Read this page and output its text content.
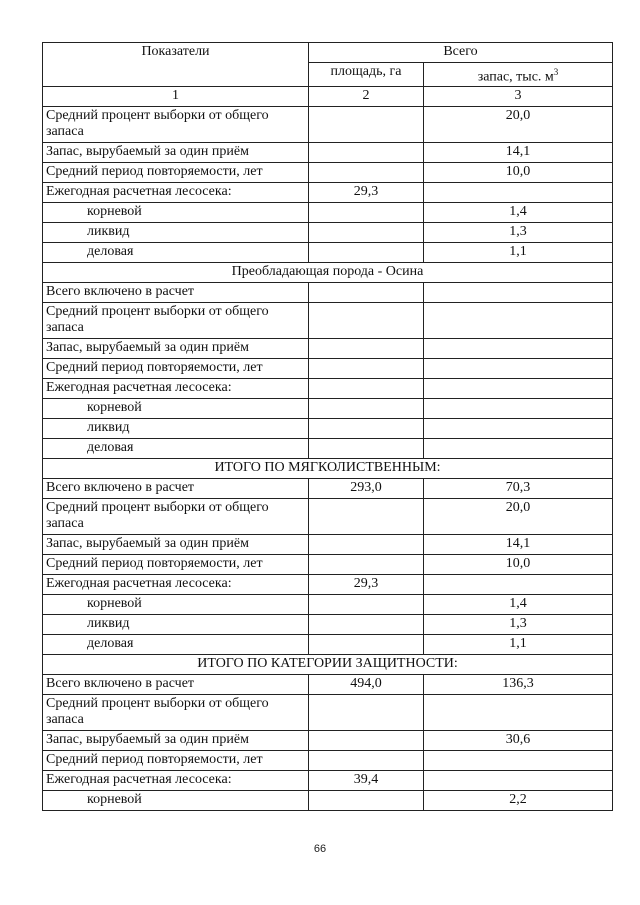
Показатели	Всего	
	площадь, га	запас, тыс. $м^3$
1	2	3
Средний процент выборки от общего запаса		20,0
Запас, вырубаемый за один приём		14,1
Средний период повторяемости, лет		10,0
Ежегодная расчетная лесосека:	29,3	
корневой		1,4
ликвид		1,3
деловая		1,1
Преобладающая порода - Осина		
Всего включено в расчет		
Средний процент выборки от общего запаса		
Запас, вырубаемый за один приём		
Средний период повторяемости, лет		
Ежегодная расчетная лесосека:		
корневой		
ликвид		
деловая		
ИТОГО ПО МЯГКОЛИСТВЕННЫМ:		
Всего включено в расчет	293,0	70,3
Средний процент выборки от общего запаса		20,0
Запас, вырубаемый за один приём		14,1
Средний период повторяемости, лет		10,0
Ежегодная расчетная лесосека:	29,3	
корневой		1,4
ликвид		1,3
деловая		1,1
ИТОГО ПО КАТЕГОРИИ ЗАЩИТНОСТИ:		
Всего включено в расчет	494,0	136,3
Средний процент выборки от общего запаса		
Запас, вырубаемый за один приём		30,6
Средний период повторяемости, лет		
Ежегодная расчетная лесосека:	39,4	
корневой		2,2
66
